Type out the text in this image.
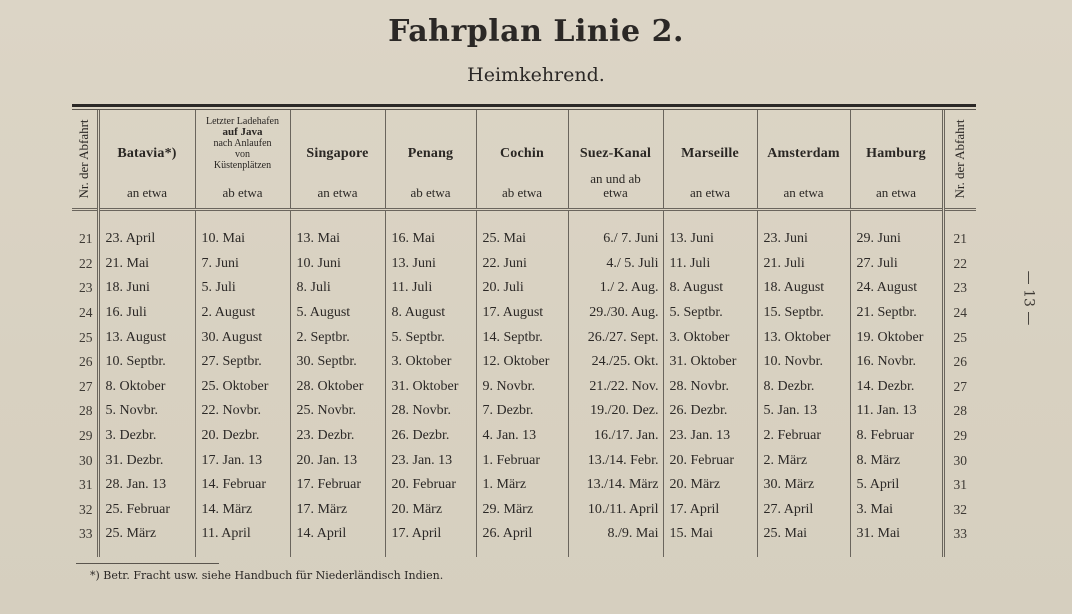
Fahrplan Linie 2.
Heimkehrend.
Nr. der Abfahrt	Batavia*)
an etwa

Letzter Ladehafen
auf Java
nach Anlaufen
von
Küstenplätzen
ab etwa

Singapore
an etwa

Penang
ab etwa

Cochin
ab etwa

Suez-Kanal
an und ab
etwa

Marseille
an etwa

Amsterdam
an etwa

Hamburg
an etwa	Nr. der Abfahrt

21	23. April	10. Mai	13. Mai	16. Mai	25. Mai	6./ 7. Juni	13. Juni	23. Juni	29. Juni	21
22	21. Mai	7. Juni	10. Juni	13. Juni	22. Juni	4./ 5. Juli	11. Juli	21. Juli	27. Juli	22
23	18. Juni	5. Juli	8. Juli	11. Juli	20. Juli	1./ 2. Aug.	8. August	18. August	24. August	23
24	16. Juli	2. August	5. August	8. August	17. August	29./30. Aug.	5. Septbr.	15. Septbr.	21. Septbr.	24
25	13. August	30. August	2. Septbr.	5. Septbr.	14. Septbr.	26./27. Sept.	3. Oktober	13. Oktober	19. Oktober	25
26	10. Septbr.	27. Septbr.	30. Septbr.	3. Oktober	12. Oktober	24./25. Okt.	31. Oktober	10. Novbr.	16. Novbr.	26
27	8. Oktober	25. Oktober	28. Oktober	31. Oktober	9. Novbr.	21./22. Nov.	28. Novbr.	8. Dezbr.	14. Dezbr.	27
28	5. Novbr.	22. Novbr.	25. Novbr.	28. Novbr.	7. Dezbr.	19./20. Dez.	26. Dezbr.	5. Jan. 13	11. Jan. 13	28
29	3. Dezbr.	20. Dezbr.	23. Dezbr.	26. Dezbr.	4. Jan. 13	16./17. Jan.	23. Jan. 13	2. Februar	8. Februar	29
30	31. Dezbr.	17. Jan. 13	20. Jan. 13	23. Jan. 13	1. Februar	13./14. Febr.	20. Februar	2. März	8. März	30
31	28. Jan. 13	14. Februar	17. Februar	20. Februar	1. März	13./14. März	20. März	30. März	5. April	31
32	25. Februar	14. März	17. März	20. März	29. März	10./11. April	17. April	27. April	3. Mai	32
33	25. März	11. April	14. April	17. April	26. April	8./9. Mai	15. Mai	25. Mai	31. Mai	33

*) Betr. Fracht usw. siehe Handbuch für Niederländisch Indien.
— 13 —
